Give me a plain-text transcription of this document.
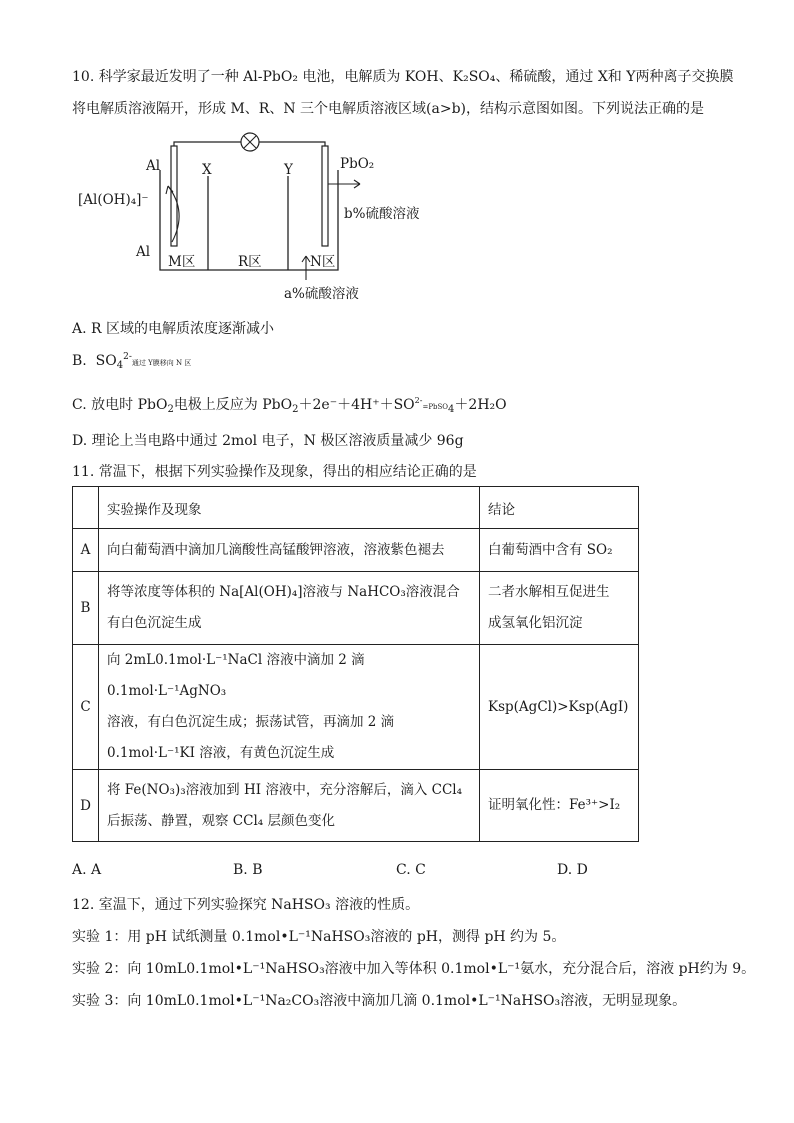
10. 科学家最近发明了一种 Al-PbO₂ 电池，电解质为 KOH、K₂SO₄、稀硫酸，通过 X和 Y两种离子交换膜
将电解质溶液隔开，形成 M、R、N 三个电解质溶液区域(a>b)，结构示意图如图。下列说法正确的是
Al	X	Y	PbO₂
[Al(OH)₄]⁻
Al
b%硫酸溶液
M区	R区	N区
a%硫酸溶液
A. R 区域的电解质浓度逐渐减小
B. $SO_4^{2-}$通过 Y膜移向 N 区
C. 放电时 PbO$_2$电极上反应为 $PbO_2+2e^-+4H^++SO^{2-}=PbSO_4+2H_2O$
D. 理论上当电路中通过 2mol 电子，N 极区溶液质量减少 96g
11. 常温下，根据下列实验操作及现象，得出的相应结论正确的是
	实验操作及现象	结论
A	向白葡萄酒中滴加几滴酸性高锰酸钾溶液，溶液紫色褪去	白葡萄酒中含有 SO₂

B	将等浓度等体积的 Na[Al(OH)₄]溶液与 NaHCO₃溶液混合
有白色沉淀生成	二者水解相互促进生
成氢氧化铝沉淀

C	向 2mL0.1mol·L⁻¹NaCl 溶液中滴加 2 滴 0.1mol·L⁻¹AgNO₃
溶液，有白色沉淀生成；振荡试管，再滴加 2 滴
0.1mol·L⁻¹KI 溶液，有黄色沉淀生成	Ksp(AgCl)>Ksp(AgI)

D	将 Fe(NO₃)₃溶液加到 HI 溶液中，充分溶解后，滴入 CCl₄
后振荡、静置，观察 CCl₄ 层颜色变化	证明氧化性：Fe³⁺>I₂
A. A	B. B	C. C	D. D
12. 室温下，通过下列实验探究 NaHSO₃ 溶液的性质。
实验 1：用 pH 试纸测量 0.1mol•L⁻¹NaHSO₃溶液的 pH，测得 pH 约为 5。
实验 2：向 10mL0.1mol•L⁻¹NaHSO₃溶液中加入等体积 0.1mol•L⁻¹氨水，充分混合后，溶液 pH约为 9。
实验 3：向 10mL0.1mol•L⁻¹Na₂CO₃溶液中滴加几滴 0.1mol•L⁻¹NaHSO₃溶液，无明显现象。
